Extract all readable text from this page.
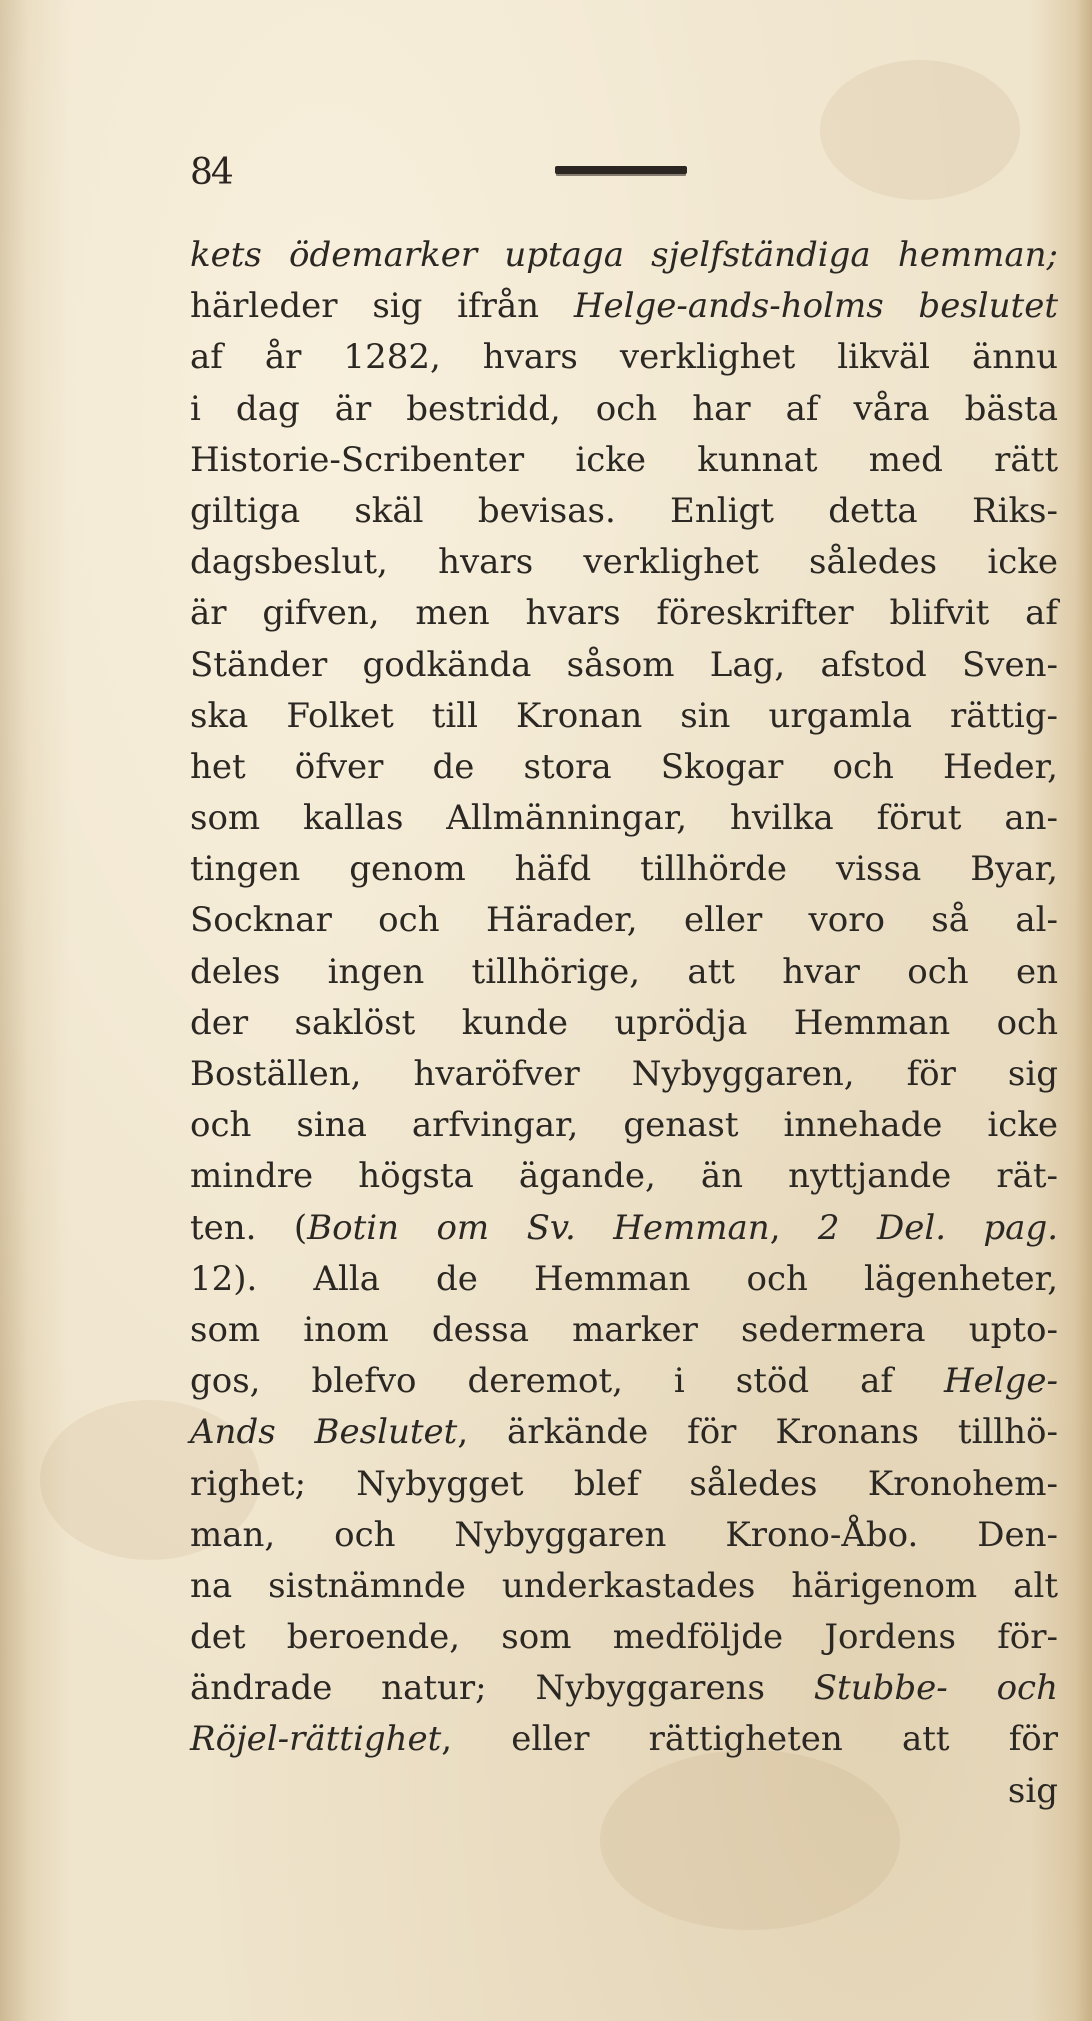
84
kets ödemarker uptaga sjelfständiga hemman;
härleder sig ifrån Helge-ands-holms beslutet
af år 1282, hvars verklighet likväl ännu
i dag är bestridd, och har af våra bästa
Historie-Scribenter icke kunnat med rätt
giltiga skäl bevisas. Enligt detta Riks-
dagsbeslut, hvars verklighet således icke
är gifven, men hvars föreskrifter blifvit af
Ständer godkända såsom Lag, afstod Sven-
ska Folket till Kronan sin urgamla rättig-
het öfver de stora Skogar och Heder,
som kallas Allmänningar, hvilka förut an-
tingen genom häfd tillhörde vissa Byar,
Socknar och Härader, eller voro så al-
deles ingen tillhörige, att hvar och en
der saklöst kunde uprödja Hemman och
Boställen, hvaröfver Nybyggaren, för sig
och sina arfvingar, genast innehade icke
mindre högsta ägande, än nyttjande rät-
ten. (Botin om Sv. Hemman, 2 Del. pag.
12). Alla de Hemman och lägenheter,
som inom dessa marker sedermera upto-
gos, blefvo deremot, i stöd af Helge-
Ands Beslutet, ärkände för Kronans tillhö-
righet; Nybygget blef således Kronohem-
man, och Nybyggaren Krono-Åbo. Den-
na sistnämnde underkastades härigenom alt
det beroende, som medföljde Jordens för-
ändrade natur; Nybyggarens Stubbe- och
Röjel-rättighet, eller rättigheten att för
sig
